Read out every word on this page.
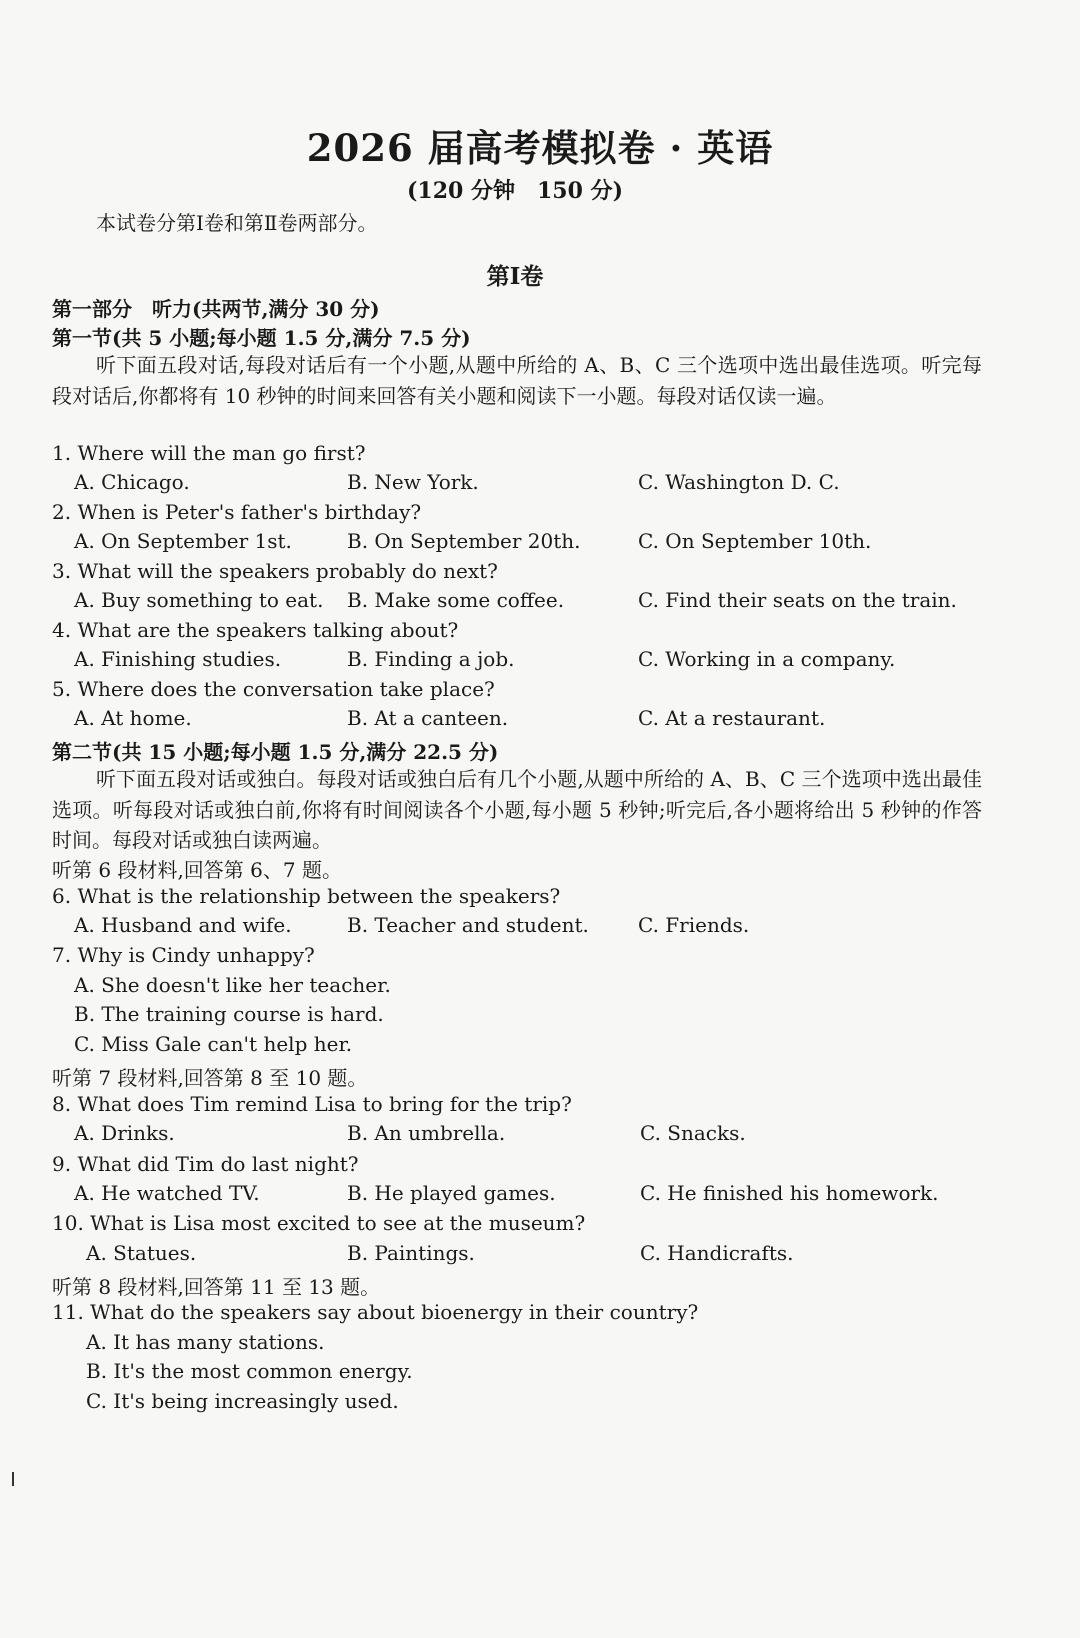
2026 届高考模拟卷 · 英语
(120 分钟　150 分)
本试卷分第Ⅰ卷和第Ⅱ卷两部分。
第Ⅰ卷
第一部分　听力(共两节,满分 30 分)
第一节(共 5 小题;每小题 1.5 分,满分 7.5 分)
听下面五段对话,每段对话后有一个小题,从题中所给的 A、B、C 三个选项中选出最佳选项。听完每段对话后,你都将有 10 秒钟的时间来回答有关小题和阅读下一小题。每段对话仅读一遍。
1. Where will the man go first?
A. Chicago.	B. New York.	C. Washington D. C.
2. When is Peter's father's birthday?
A. On September 1st.	B. On September 20th.	C. On September 10th.
3. What will the speakers probably do next?
A. Buy something to eat. B. Make some coffee.	C. Find their seats on the train.
4. What are the speakers talking about?
A. Finishing studies.	B. Finding a job.	C. Working in a company.
5. Where does the conversation take place?
A. At home.	B. At a canteen.	C. At a restaurant.
第二节(共 15 小题;每小题 1.5 分,满分 22.5 分)
听下面五段对话或独白。每段对话或独白后有几个小题,从题中所给的 A、B、C 三个选项中选出最佳选项。听每段对话或独白前,你将有时间阅读各个小题,每小题 5 秒钟;听完后,各小题将给出 5 秒钟的作答时间。每段对话或独白读两遍。
听第 6 段材料,回答第 6、7 题。
6. What is the relationship between the speakers?
A. Husband and wife.	B. Teacher and student. C. Friends.
7. Why is Cindy unhappy?
A. She doesn't like her teacher.
B. The training course is hard.
C. Miss Gale can't help her.
听第 7 段材料,回答第 8 至 10 题。
8. What does Tim remind Lisa to bring for the trip?
A. Drinks.	B. An umbrella.	C. Snacks.
9. What did Tim do last night?
A. He watched TV.	B. He played games.	C. He finished his homework.
10. What is Lisa most excited to see at the museum?
A. Statues.	B. Paintings.	C. Handicrafts.
听第 8 段材料,回答第 11 至 13 题。
11. What do the speakers say about bioenergy in their country?
A. It has many stations.
B. It's the most common energy.
C. It's being increasingly used.
